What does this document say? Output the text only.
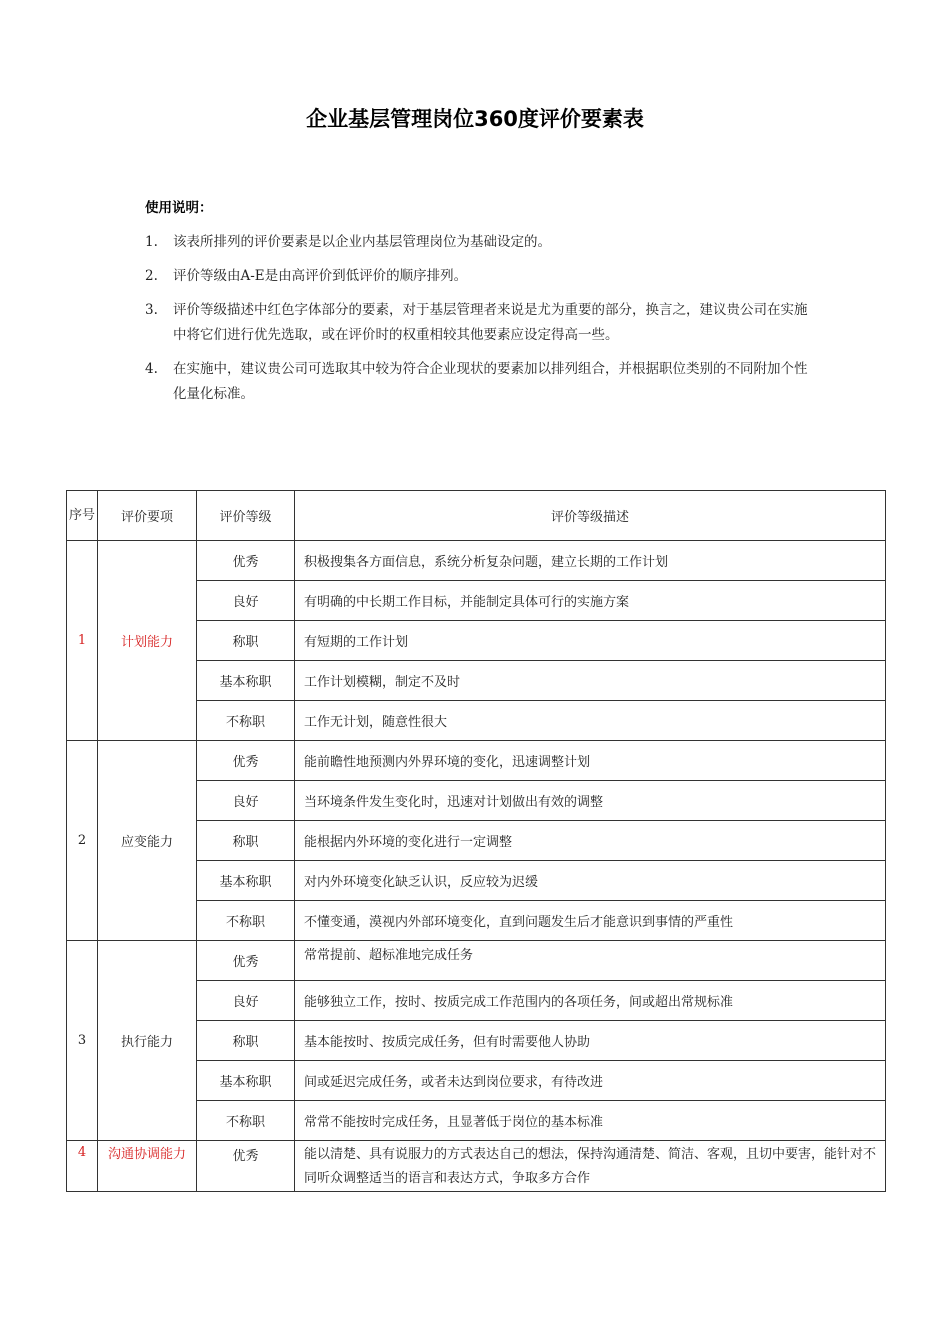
企业基层管理岗位360度评价要素表
使用说明：
1. 该表所排列的评价要素是以企业内基层管理岗位为基础设定的。
2. 评价等级由A-E是由高评价到低评价的顺序排列。
3. 评价等级描述中红色字体部分的要素，对于基层管理者来说是尤为重要的部分，换言之，建议贵公司在实施中将它们进行优先选取，或在评价时的权重相较其他要素应设定得高一些。
4. 在实施中，建议贵公司可选取其中较为符合企业现状的要素加以排列组合，并根据职位类别的不同附加个性化量化标准。
序号	评价要项	评价等级	评价等级描述
1	计划能力	优秀	积极搜集各方面信息，系统分析复杂问题，建立长期的工作计划
		良好	有明确的中长期工作目标，并能制定具体可行的实施方案
		称职	有短期的工作计划
		基本称职	工作计划模糊，制定不及时
		不称职	工作无计划，随意性很大
2	应变能力	优秀	能前瞻性地预测内外界环境的变化，迅速调整计划
		良好	当环境条件发生变化时，迅速对计划做出有效的调整
		称职	能根据内外环境的变化进行一定调整
		基本称职	对内外环境变化缺乏认识，反应较为迟缓
		不称职	不懂变通，漠视内外部环境变化，直到问题发生后才能意识到事情的严重性
3	执行能力	优秀	常常提前、超标准地完成任务
		良好	能够独立工作，按时、按质完成工作范围内的各项任务，间或超出常规标准
		称职	基本能按时、按质完成任务，但有时需要他人协助
		基本称职	间或延迟完成任务，或者未达到岗位要求，有待改进
		不称职	常常不能按时完成任务，且显著低于岗位的基本标准
4	沟通协调能力	优秀	能以清楚、具有说服力的方式表达自己的想法，保持沟通清楚、简洁、客观，且切中要害，能针对不同听众调整适当的语言和表达方式，争取多方合作
